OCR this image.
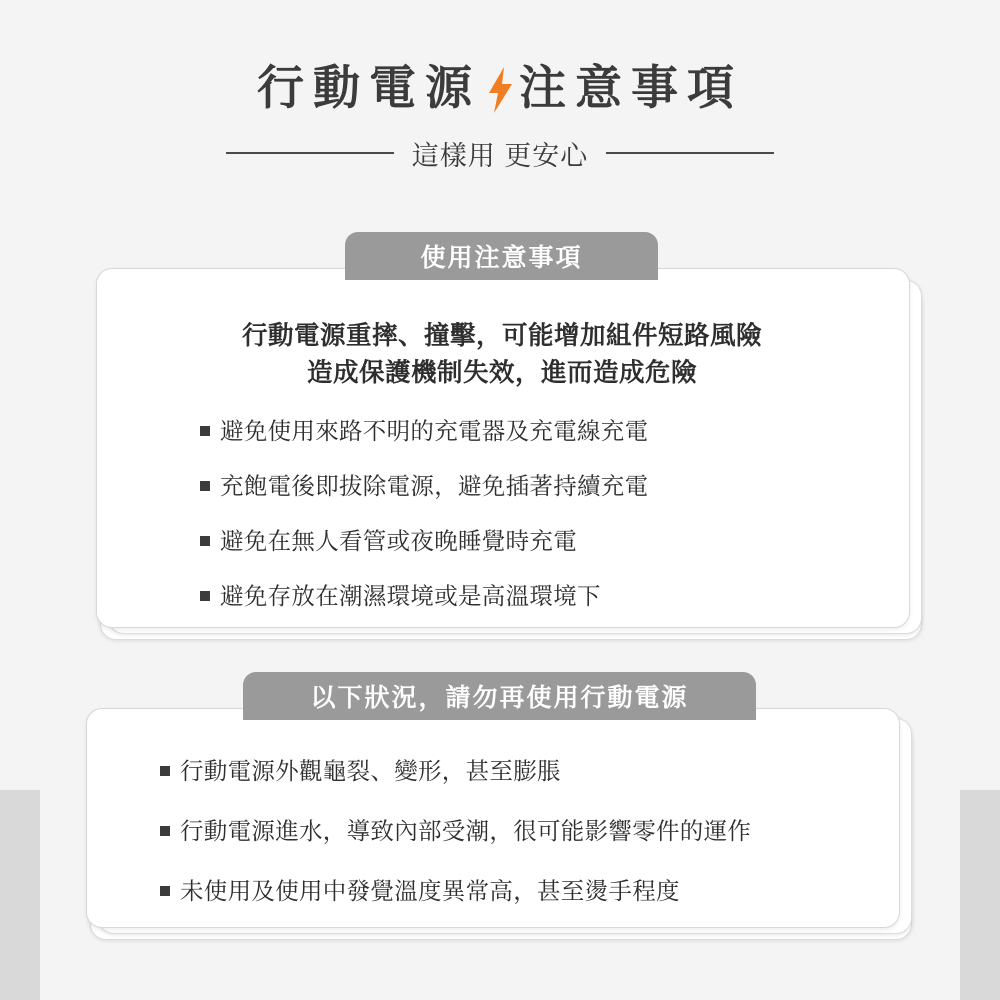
行動電源 注意事項
這樣用 更安心
使用注意事項
行動電源重摔、撞擊，可能增加組件短路風險
造成保護機制失效，進而造成危險
避免使用來路不明的充電器及充電線充電
充飽電後即拔除電源，避免插著持續充電
避免在無人看管或夜晚睡覺時充電
避免存放在潮濕環境或是高溫環境下
以下狀況，請勿再使用行動電源
行動電源外觀龜裂、變形，甚至膨脹
行動電源進水，導致內部受潮，很可能影響零件的運作
未使用及使用中發覺溫度異常高，甚至燙手程度
